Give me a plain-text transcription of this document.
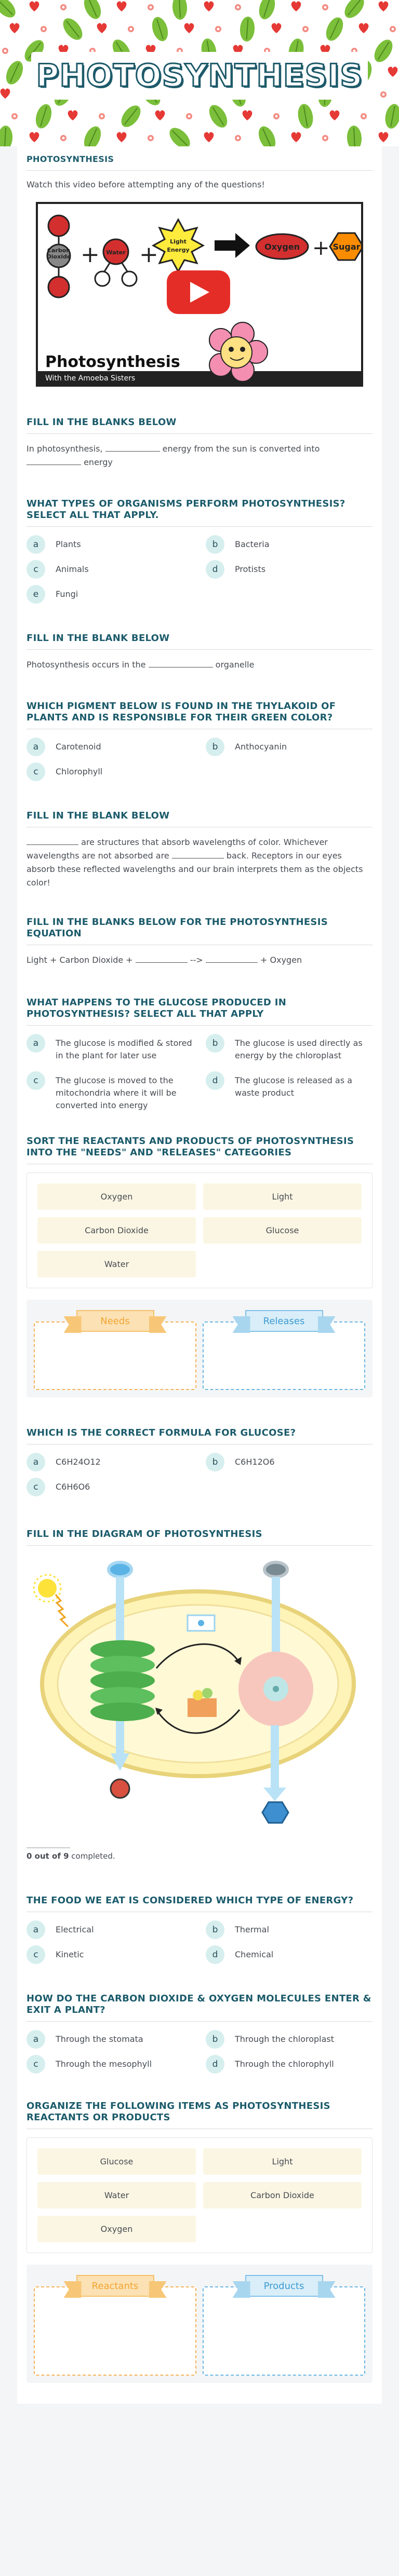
PHOTOSYNTHESIS
PHOTOSYNTHESIS

Watch this video before attempting any of the questions!

Carbon Dioxide + Water + Light
Energy	Oxygen + Sugar
Photosynthesis
With the Amoeba Sisters
FILL IN THE BLANKS BELOW

In photosynthesis,	energy from the sun is converted into
energy

WHAT TYPES OF ORGANISMS PERFORM PHOTOSYNTHESIS? SELECT ALL THAT APPLY.
a	Plants	b	Bacteria
c	Animals	d	Protists
e	Fungi
FILL IN THE BLANK BELOW

Photosynthesis occurs in the	organelle

WHICH PIGMENT BELOW IS FOUND IN THE THYLAKOID OF PLANTS AND IS RESPONSIBLE FOR THEIR GREEN COLOR?
a	Carotenoid	b	Anthocyanin
c	Chlorophyll
FILL IN THE BLANK BELOW

are structures that absorb wavelengths of color. Whichever wavelengths are not absorbed are	back. Receptors in our eyes absorb these reflected wavelengths and our brain interprets them as the objects color!

FILL IN THE BLANKS BELOW FOR THE PHOTOSYNTHESIS EQUATION

Light + Carbon Dioxide +	-->	+ Oxygen

WHAT HAPPENS TO THE GLUCOSE PRODUCED IN PHOTOSYNTHESIS? SELECT ALL THAT APPLY
a	The glucose is modified & stored in the plant for later use
b	The glucose is used directly as energy by the chloroplast
c	The glucose is moved to the mitochondria where it will be converted into energy
d	The glucose is released as a waste product
SORT THE REACTANTS AND PRODUCTS OF PHOTOSYNTHESIS INTO THE "NEEDS" AND "RELEASES" CATEGORIES
Oxygen	Light
Carbon Dioxide	Glucose
Water
Needs	Releases
WHICH IS THE CORRECT FORMULA FOR GLUCOSE?
a	C6H24O12	b	C6H12O6
c	C6H6O6
FILL IN THE DIAGRAM OF PHOTOSYNTHESIS

0 out of 9 completed.

THE FOOD WE EAT IS CONSIDERED WHICH TYPE OF ENERGY?
a	Electrical	b	Thermal
c	Kinetic	d	Chemical
HOW DO THE CARBON DIOXIDE & OXYGEN MOLECULES ENTER & EXIT A PLANT?
a	Through the stomata	b	Through the chloroplast
c	Through the mesophyll	d	Through the chlorophyll
ORGANIZE THE FOLLOWING ITEMS AS PHOTOSYNTHESIS REACTANTS OR PRODUCTS
Glucose	Light
Water	Carbon Dioxide
Oxygen
Reactants	Products
